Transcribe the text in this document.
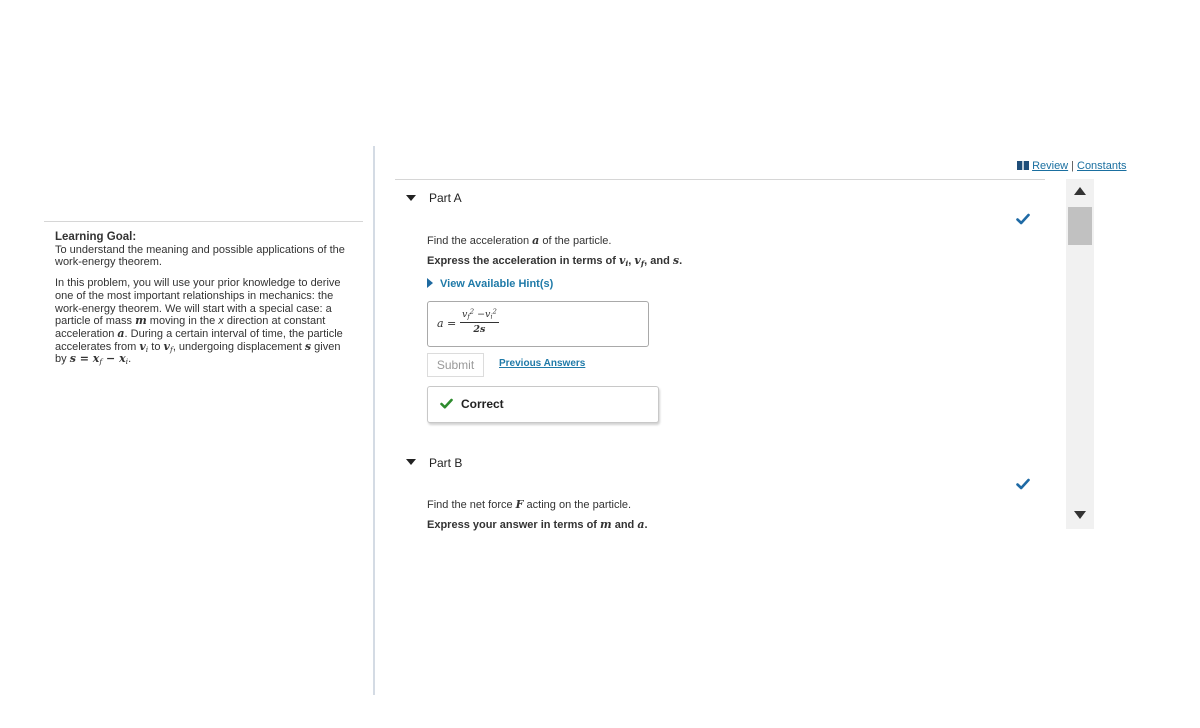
Learning Goal:
To understand the meaning and possible applications of the work-energy theorem.

In this problem, you will use your prior knowledge to derive one of the most important relationships in mechanics: the work-energy theorem. We will start with a special case: a particle of mass m moving in the x direction at constant acceleration a. During a certain interval of time, the particle accelerates from $v_i$ to $v_f$, undergoing displacement s given by $s = x_f - x_i$.

Review | Constants
Part A
Find the acceleration a of the particle.
Express the acceleration in terms of $v_i$, $v_f$, and s.
View Available Hint(s)
$a = \frac{v_f^2 -v_i^2}{2s}$
Submit	Previous Answers
Correct
Part B
Find the net force F acting on the particle.
Express your answer in terms of m and a.
